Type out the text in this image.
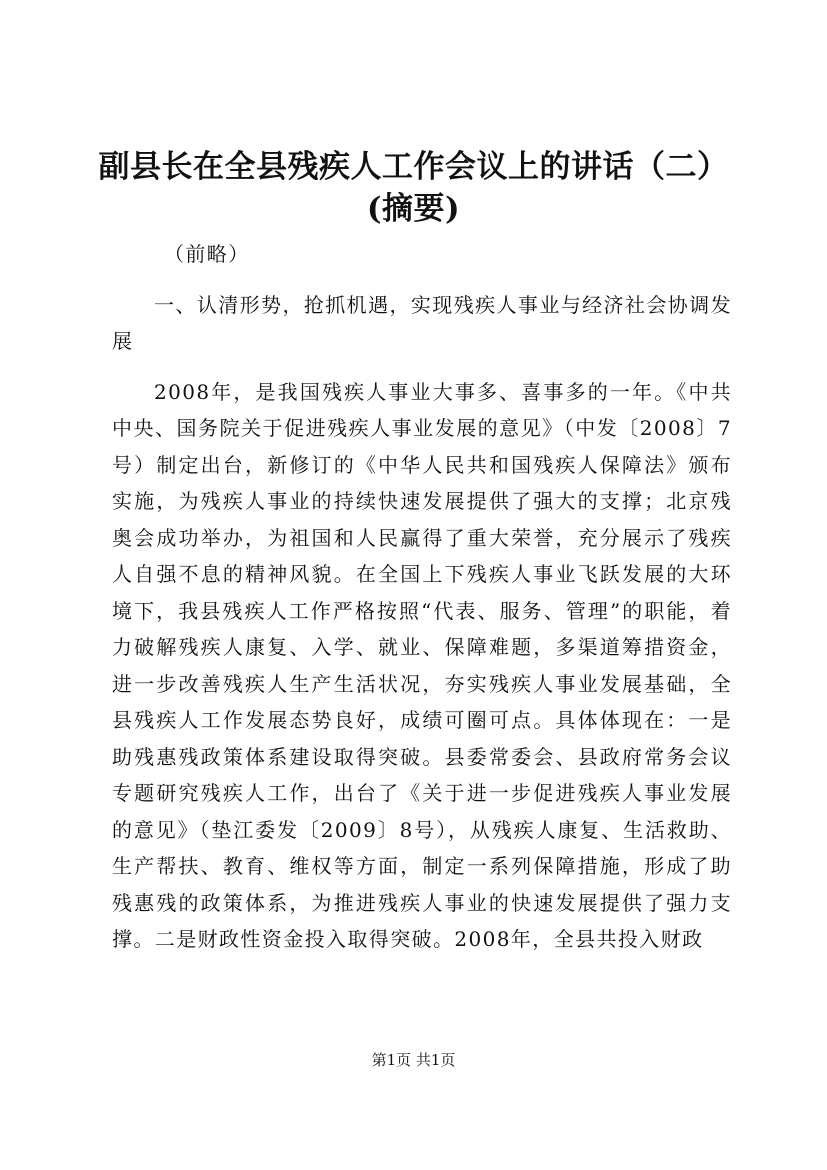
副县长在全县残疾人工作会议上的讲话（二）
(摘要)

（前略）

一、认清形势，抢抓机遇，实现残疾人事业与经济社会协调发展

2008年，是我国残疾人事业大事多、喜事多的一年。《中共中央、国务院关于促进残疾人事业发展的意见》（中发〔2008〕7号）制定出台，新修订的《中华人民共和国残疾人保障法》颁布实施，为残疾人事业的持续快速发展提供了强大的支撑；北京残奥会成功举办，为祖国和人民赢得了重大荣誉，充分展示了残疾人自强不息的精神风貌。在全国上下残疾人事业飞跃发展的大环境下，我县残疾人工作严格按照“代表、服务、管理”的职能，着力破解残疾人康复、入学、就业、保障难题，多渠道筹措资金，进一步改善残疾人生产生活状况，夯实残疾人事业发展基础，全县残疾人工作发展态势良好，成绩可圈可点。具体体现在：一是助残惠残政策体系建设取得突破。县委常委会、县政府常务会议专题研究残疾人工作，出台了《关于进一步促进残疾人事业发展的意见》（垫江委发〔2009〕8号），从残疾人康复、生活救助、生产帮扶、教育、维权等方面，制定一系列保障措施，形成了助残惠残的政策体系，为推进残疾人事业的快速发展提供了强力支撑。二是财政性资金投入取得突破。2008年，全县共投入财政

第1页 共1页
